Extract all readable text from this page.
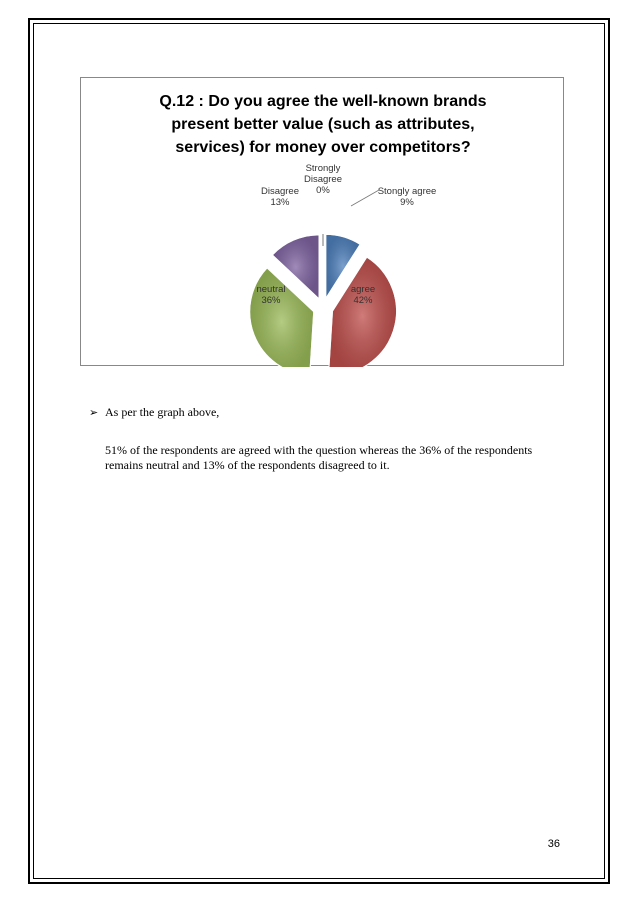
Q.12 : Do you agree the well-known brands
present better value (such as attributes,
services) for money over competitors?
Stongly agree 9%
agree 42%
neutral 36%
Disagree 13%
Strongly Disagree 0%
➢ As per the graph above,

51% of the respondents are agreed with the question whereas the 36% of the respondents remains neutral and 13% of the respondents disagreed to it.

36
